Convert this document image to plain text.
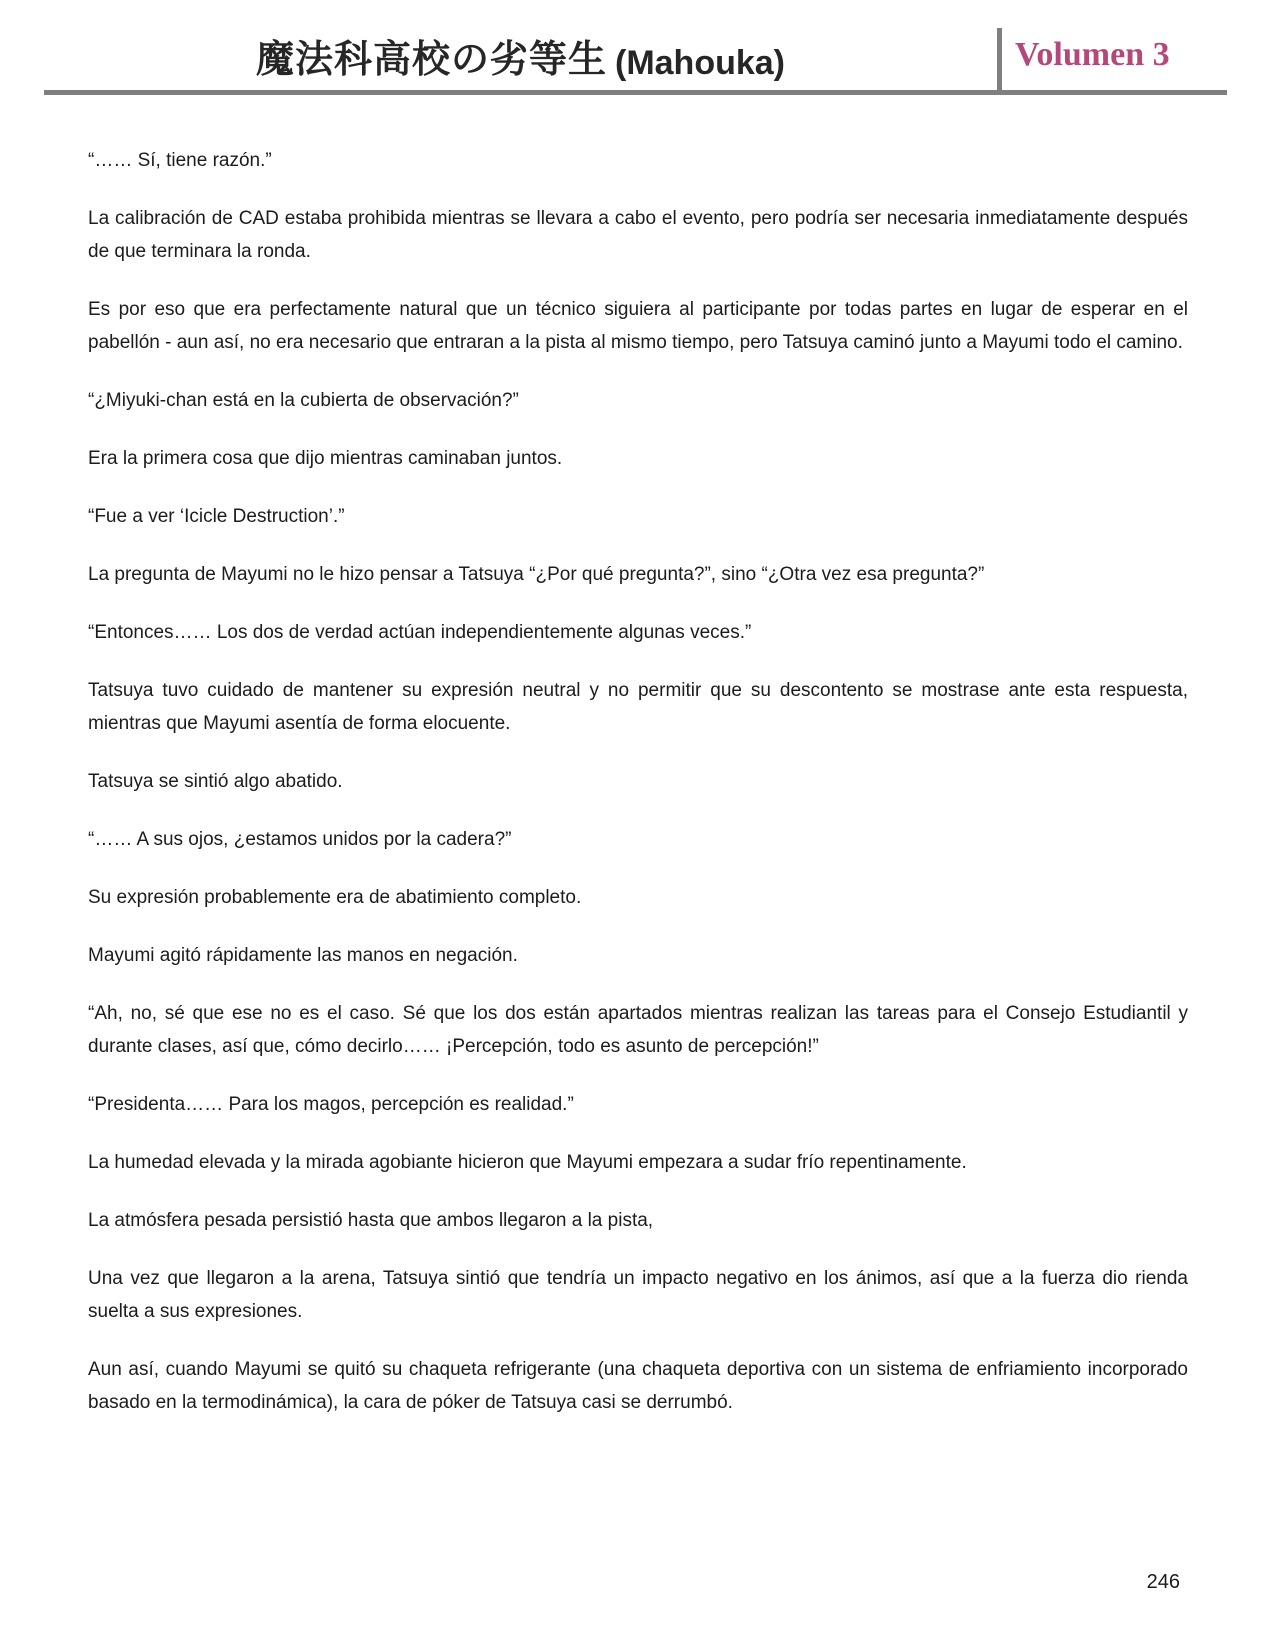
魔法科高校の劣等生 (Mahouka)	Volumen 3

“…… Sí, tiene razón.”

La calibración de CAD estaba prohibida mientras se llevara a cabo el evento, pero podría ser necesaria inmediatamente después de que terminara la ronda.

Es por eso que era perfectamente natural que un técnico siguiera al participante por todas partes en lugar de esperar en el pabellón - aun así, no era necesario que entraran a la pista al mismo tiempo, pero Tatsuya caminó junto a Mayumi todo el camino.

“¿Miyuki-chan está en la cubierta de observación?”

Era la primera cosa que dijo mientras caminaban juntos.

“Fue a ver ‘Icicle Destruction’.”

La pregunta de Mayumi no le hizo pensar a Tatsuya “¿Por qué pregunta?”, sino “¿Otra vez esa pregunta?”

“Entonces…… Los dos de verdad actúan independientemente algunas veces.”

Tatsuya tuvo cuidado de mantener su expresión neutral y no permitir que su descontento se mostrase ante esta respuesta, mientras que Mayumi asentía de forma elocuente.

Tatsuya se sintió algo abatido.

“…… A sus ojos, ¿estamos unidos por la cadera?”

Su expresión probablemente era de abatimiento completo.

Mayumi agitó rápidamente las manos en negación.

“Ah, no, sé que ese no es el caso. Sé que los dos están apartados mientras realizan las tareas para el Consejo Estudiantil y durante clases, así que, cómo decirlo…… ¡Percepción, todo es asunto de percepción!”

“Presidenta…… Para los magos, percepción es realidad.”

La humedad elevada y la mirada agobiante hicieron que Mayumi empezara a sudar frío repentinamente.

La atmósfera pesada persistió hasta que ambos llegaron a la pista,

Una vez que llegaron a la arena, Tatsuya sintió que tendría un impacto negativo en los ánimos, así que a la fuerza dio rienda suelta a sus expresiones.

Aun así, cuando Mayumi se quitó su chaqueta refrigerante (una chaqueta deportiva con un sistema de enfriamiento incorporado basado en la termodinámica), la cara de póker de Tatsuya casi se derrumbó.

246
